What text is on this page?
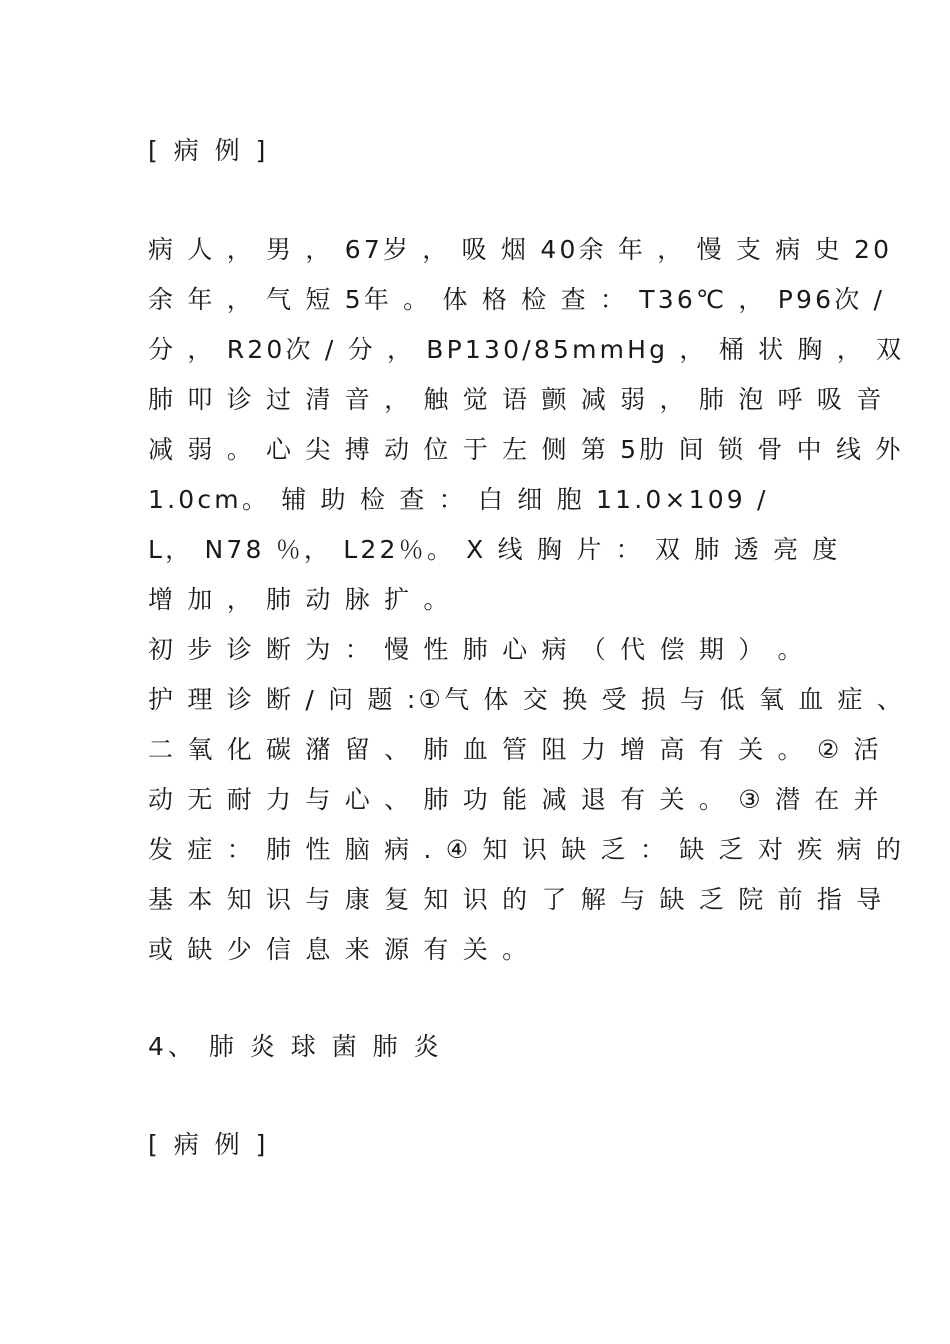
[ 病 例 ]
病 人 ， 男 ， 67岁 ， 吸 烟 40余 年 ， 慢 支 病 史 20
余 年 ， 气 短 5年 。 体 格 检 查 ： T36℃ ， P96次 /
分 ， R20次 / 分 ， BP130/85mmHg ， 桶 状 胸 ， 双
肺 叩 诊 过 清 音 ， 触 觉 语 颤 减 弱 ， 肺 泡 呼 吸 音
减 弱 。 心 尖 搏 动 位 于 左 侧 第 5肋 间 锁 骨 中 线 外
1.0cm。 辅 助 检 查 ： 白 细 胞 11.0×109 /
L， N78 ％， L22％。 X 线 胸 片 ： 双 肺 透 亮 度
增 加 ， 肺 动 脉 扩 。
初 步 诊 断 为 ： 慢 性 肺 心 病 （ 代 偿 期 ） 。
护 理 诊 断 / 问 题 :①气 体 交 换 受 损 与 低 氧 血 症 、
二 氧 化 碳 潴 留 、 肺 血 管 阻 力 增 高 有 关 。 ② 活
动 无 耐 力 与 心 、 肺 功 能 减 退 有 关 。 ③ 潜 在 并
发 症 ： 肺 性 脑 病 . ④ 知 识 缺 乏 ： 缺 乏 对 疾 病 的
基 本 知 识 与 康 复 知 识 的 了 解 与 缺 乏 院 前 指 导
或 缺 少 信 息 来 源 有 关 。
4、 肺 炎 球 菌 肺 炎
[ 病 例 ]
